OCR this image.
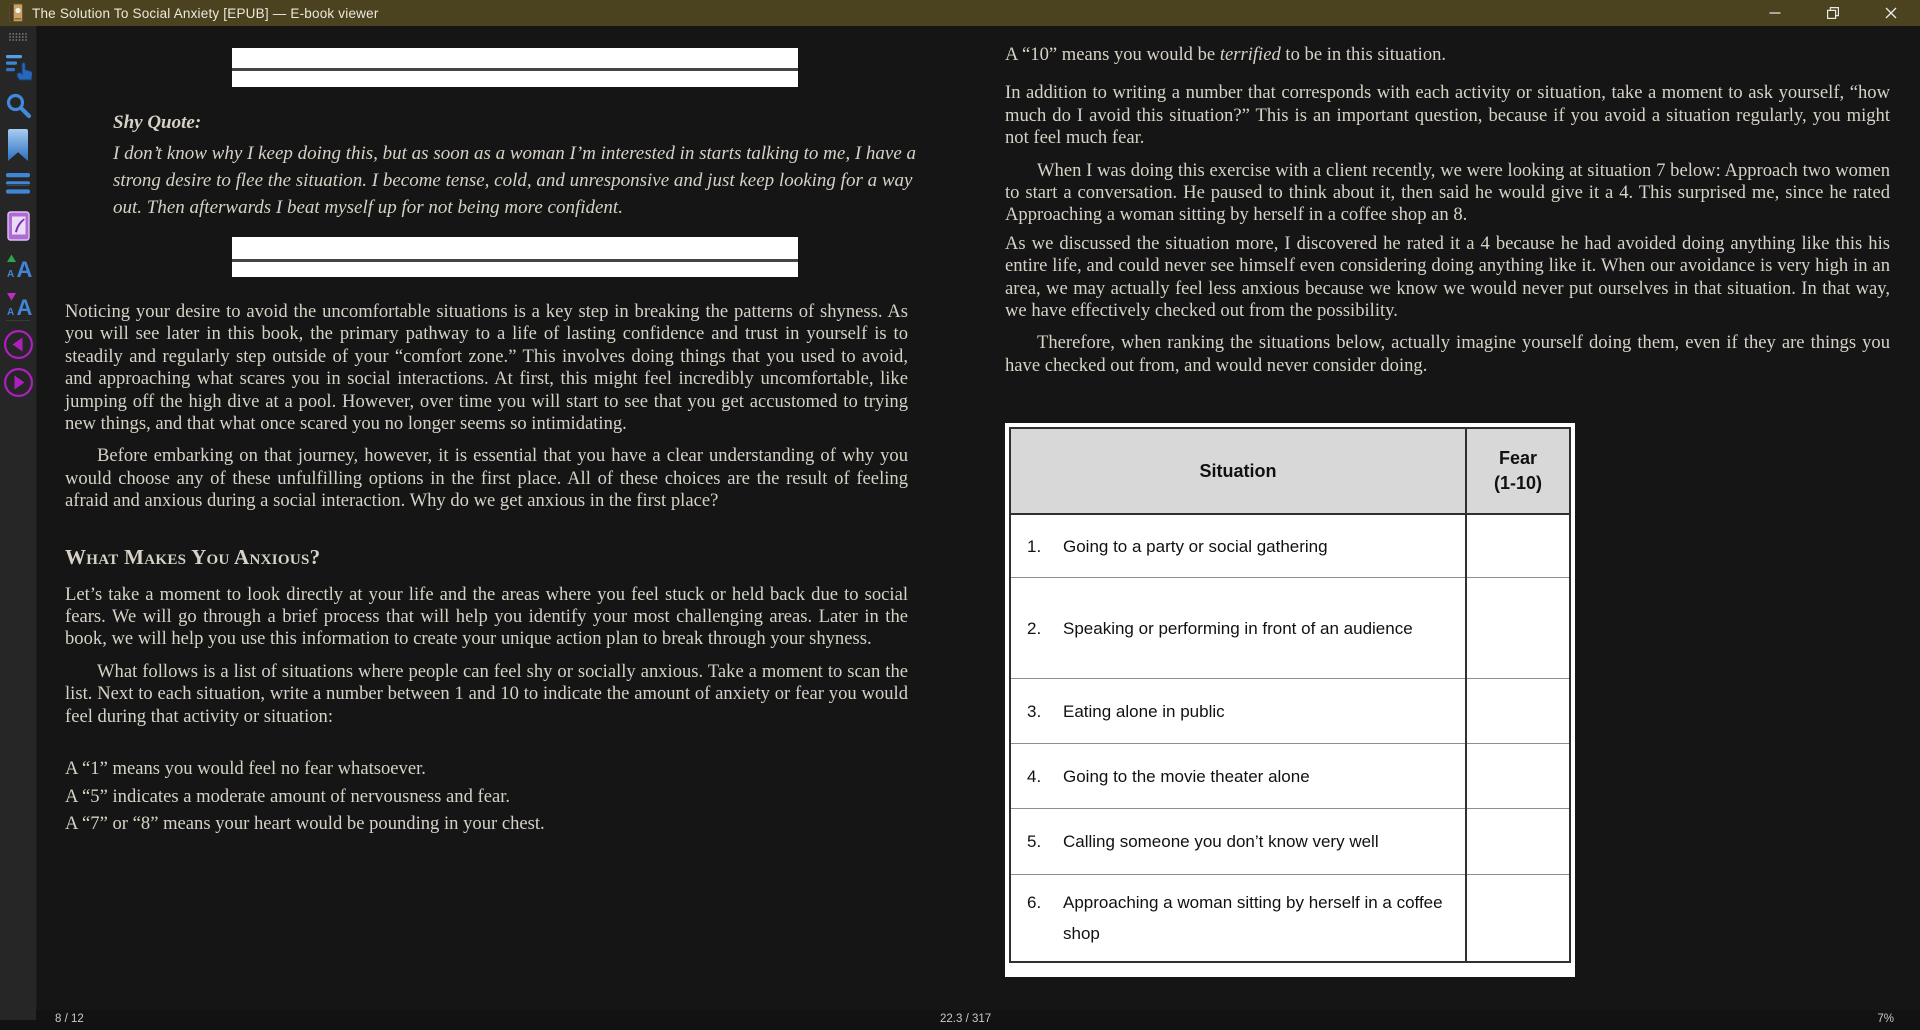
The Solution To Social Anxiety [EPUB] — E-book viewer
A A
A A
Shy Quote:
I don’t know why I keep doing this, but as soon as a woman I’m interested in starts talking to me, I have a strong desire to flee the situation. I become tense, cold, and unresponsive and just keep looking for a way out. Then afterwards I beat myself up for not being more confident.

Noticing your desire to avoid the uncomfortable situations is a key step in breaking the patterns of shyness. As you will see later in this book, the primary pathway to a life of lasting confidence and trust in yourself is to steadily and regularly step outside of your “comfort zone.” This involves doing things that you used to avoid, and approaching what scares you in social interactions. At first, this might feel incredibly uncomfortable, like jumping off the high dive at a pool. However, over time you will start to see that you get accustomed to trying new things, and that what once scared you no longer seems so intimidating.

Before embarking on that journey, however, it is essential that you have a clear understanding of why you would choose any of these unfulfilling options in the first place. All of these choices are the result of feeling afraid and anxious during a social interaction. Why do we get anxious in the first place?

What Makes You Anxious?

Let’s take a moment to look directly at your life and the areas where you feel stuck or held back due to social fears. We will go through a brief process that will help you identify your most challenging areas. Later in the book, we will help you use this information to create your unique action plan to break through your shyness.

What follows is a list of situations where people can feel shy or socially anxious. Take a moment to scan the list. Next to each situation, write a number between 1 and 10 to indicate the amount of anxiety or fear you would feel during that activity or situation:

A “1” means you would feel no fear whatsoever.

A “5” indicates a moderate amount of nervousness and fear.

A “7” or “8” means your heart would be pounding in your chest.

A “10” means you would be terrified to be in this situation.

In addition to writing a number that corresponds with each activity or situation, take a moment to ask yourself, “how much do I avoid this situation?” This is an important question, because if you avoid a situation regularly, you might not feel much fear.

When I was doing this exercise with a client recently, we were looking at situation 7 below: Approach two women to start a conversation. He paused to think about it, then said he would give it a 4. This surprised me, since he rated Approaching a woman sitting by herself in a coffee shop an 8.

As we discussed the situation more, I discovered he rated it a 4 because he had avoided doing anything like this his entire life, and could never see himself even considering doing anything like it. When our avoidance is very high in an area, we may actually feel less anxious because we know we would never put ourselves in that situation. In that way, we have effectively checked out from the possibility.

Therefore, when ranking the situations below, actually imagine yourself doing them, even if they are things you have checked out from, and would never consider doing.

Situation	Fear
(1-10)

1. Going to a party or social gathering	

2. Speaking or performing in front of an audience	

3. Eating alone in public	

4. Going to the movie theater alone	

5. Calling someone you don’t know very well	

6. Approaching a woman sitting by herself in a coffee shop	
8 / 12	22.3 / 317	7%
